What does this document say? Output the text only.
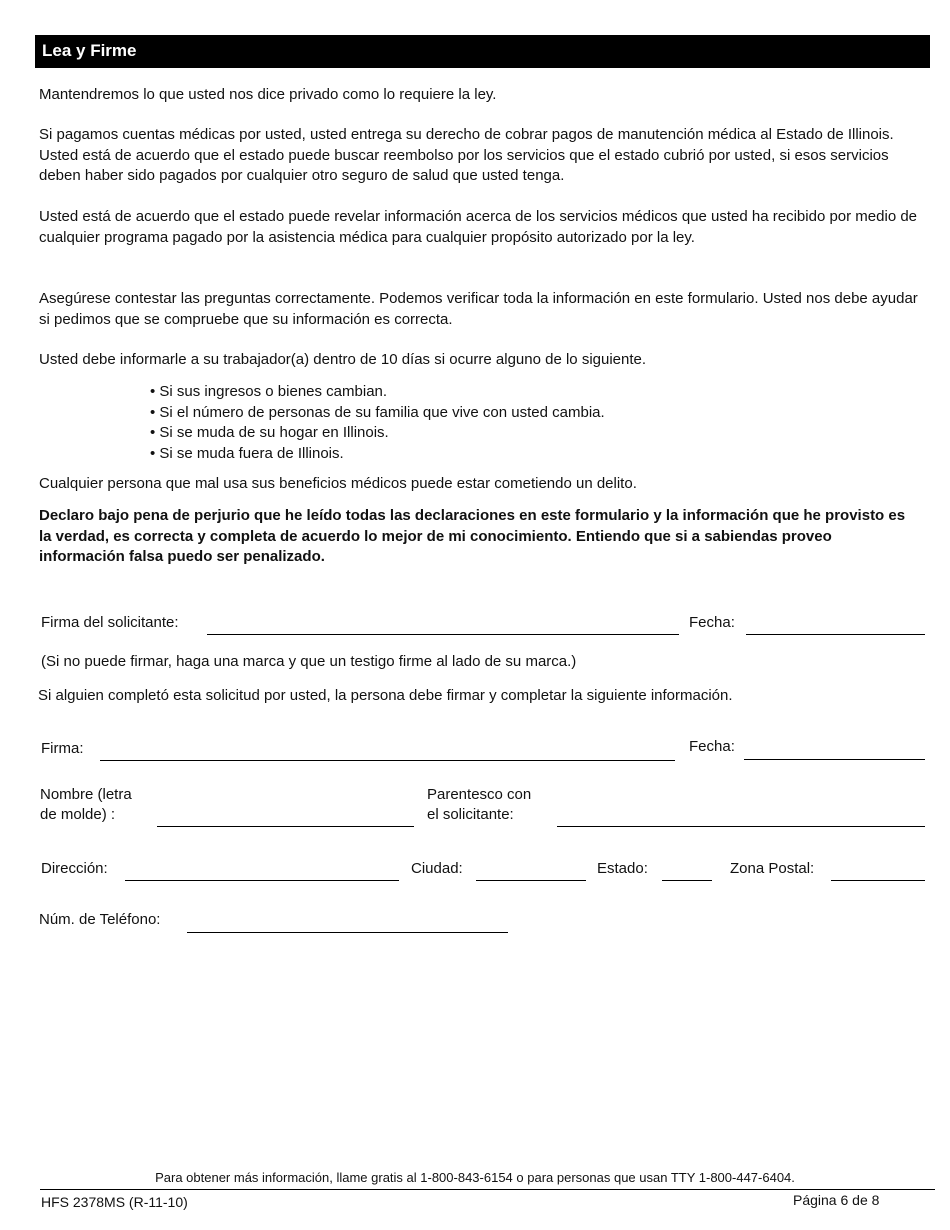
Lea y Firme
Mantendremos lo que usted nos dice privado como lo requiere la ley.
Si pagamos cuentas médicas por usted, usted entrega su derecho de cobrar pagos de manutención médica al Estado de Illinois. Usted está de acuerdo que el estado puede buscar reembolso por los servicios que el estado cubrió por usted, si esos servicios deben haber sido pagados por cualquier otro seguro de salud que usted tenga.
Usted está de acuerdo que el estado puede revelar información acerca de los servicios médicos que usted ha recibido por medio de cualquier programa pagado por la asistencia médica para cualquier propósito autorizado por la ley.
Asegúrese contestar las preguntas correctamente. Podemos verificar toda la información en este formulario. Usted nos debe ayudar si pedimos que se compruebe que su información es correcta.
Usted debe informarle a su trabajador(a) dentro de 10 días si ocurre alguno de lo siguiente.
• Si sus ingresos o bienes cambian.
• Si el número de personas de su familia que vive con usted cambia.
• Si se muda de su hogar en Illinois.
• Si se muda fuera de Illinois.
Cualquier persona que mal usa sus beneficios médicos puede estar cometiendo un delito.
Declaro bajo pena de perjurio que he leído todas las declaraciones en este formulario y la información que he provisto es la verdad, es correcta y completa de acuerdo lo mejor de mi conocimiento. Entiendo que si a sabiendas proveo información falsa puedo ser penalizado.
Firma del solicitante:	Fecha:
(Si no puede firmar, haga una marca y que un testigo firme al lado de su marca.)
Si alguien completó esta solicitud por usted, la persona debe firmar y completar la siguiente información.
Firma:	Fecha:
Nombre (letra
de molde) :
Parentesco con
el solicitante:
Dirección:	Ciudad:	Estado:	Zona Postal:
Núm. de Teléfono:
Para obtener más información, llame gratis al 1-800-843-6154 o para personas que usan TTY 1-800-447-6404.
HFS 2378MS (R-11-10)	Página 6 de 8
